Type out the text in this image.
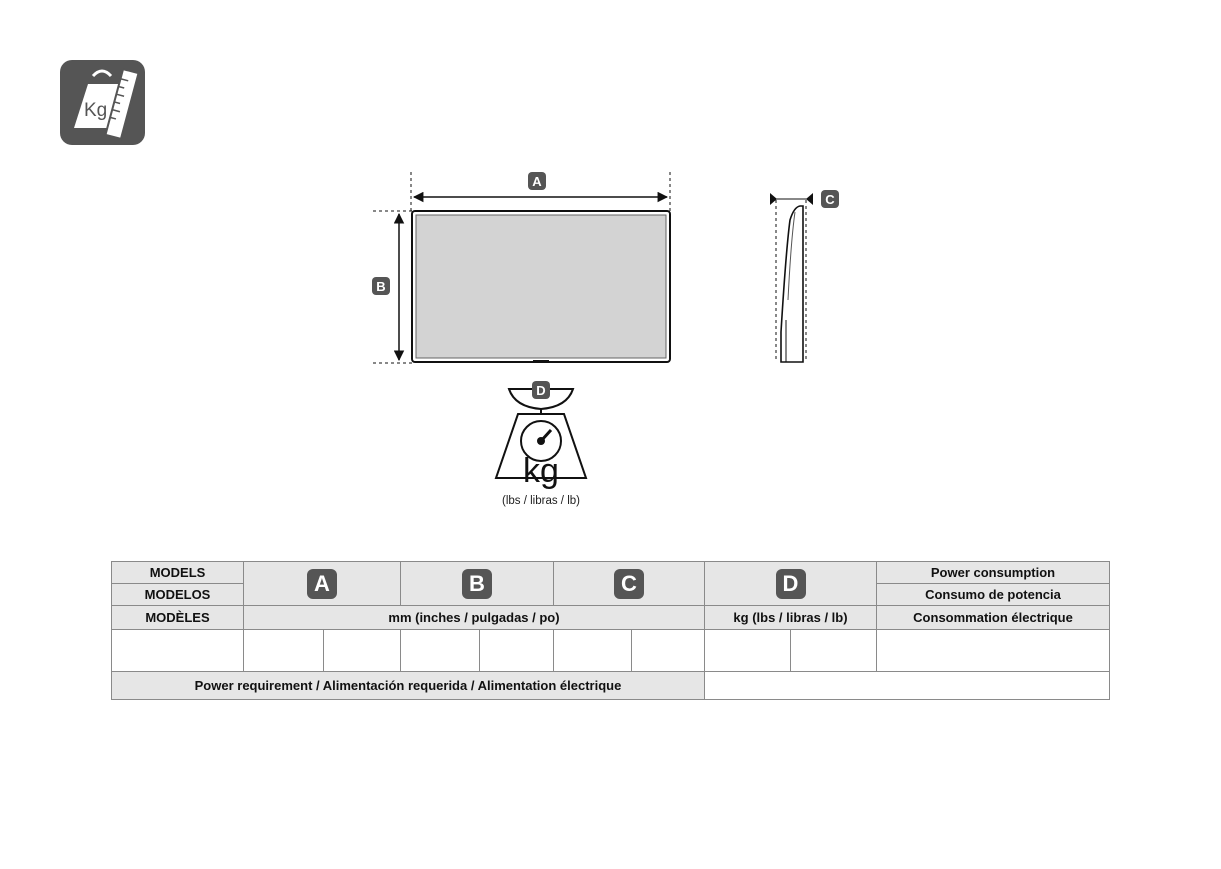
Kg
A
B
C
D
kg
(lbs / libras / lb)
MODELS	A		B		C		D		Power consumption
MODELOS									Consumo de potencia
MODÈLES	mm (inches / pulgadas / po)						kg (lbs / libras / lb)		Consommation électrique

Power requirement / Alimentación requerida / Alimentation électrique									
